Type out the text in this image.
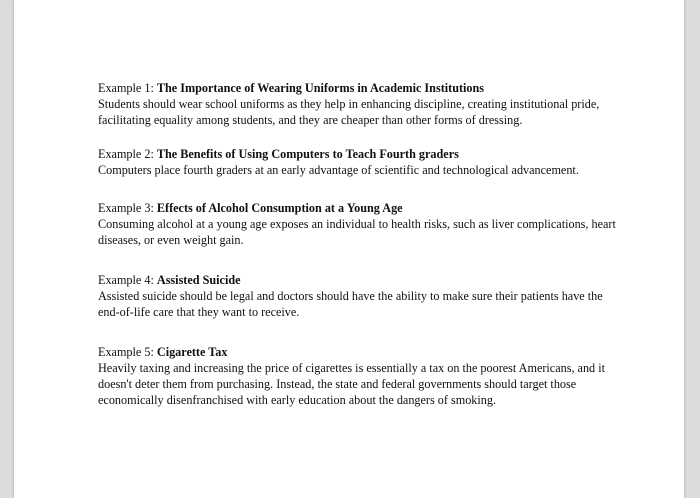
Example 1: The Importance of Wearing Uniforms in Academic Institutions

Students should wear school uniforms as they help in enhancing discipline, creating institutional pride, facilitating equality among students, and they are cheaper than other forms of dressing.

Example 2: The Benefits of Using Computers to Teach Fourth graders

Computers place fourth graders at an early advantage of scientific and technological advancement.

Example 3: Effects of Alcohol Consumption at a Young Age

Consuming alcohol at a young age exposes an individual to health risks, such as liver complications, heart diseases, or even weight gain.

Example 4: Assisted Suicide

Assisted suicide should be legal and doctors should have the ability to make sure their patients have the end-of-life care that they want to receive.

Example 5: Cigarette Tax

Heavily taxing and increasing the price of cigarettes is essentially a tax on the poorest Americans, and it doesn't deter them from purchasing. Instead, the state and federal governments should target those economically disenfranchised with early education about the dangers of smoking.
